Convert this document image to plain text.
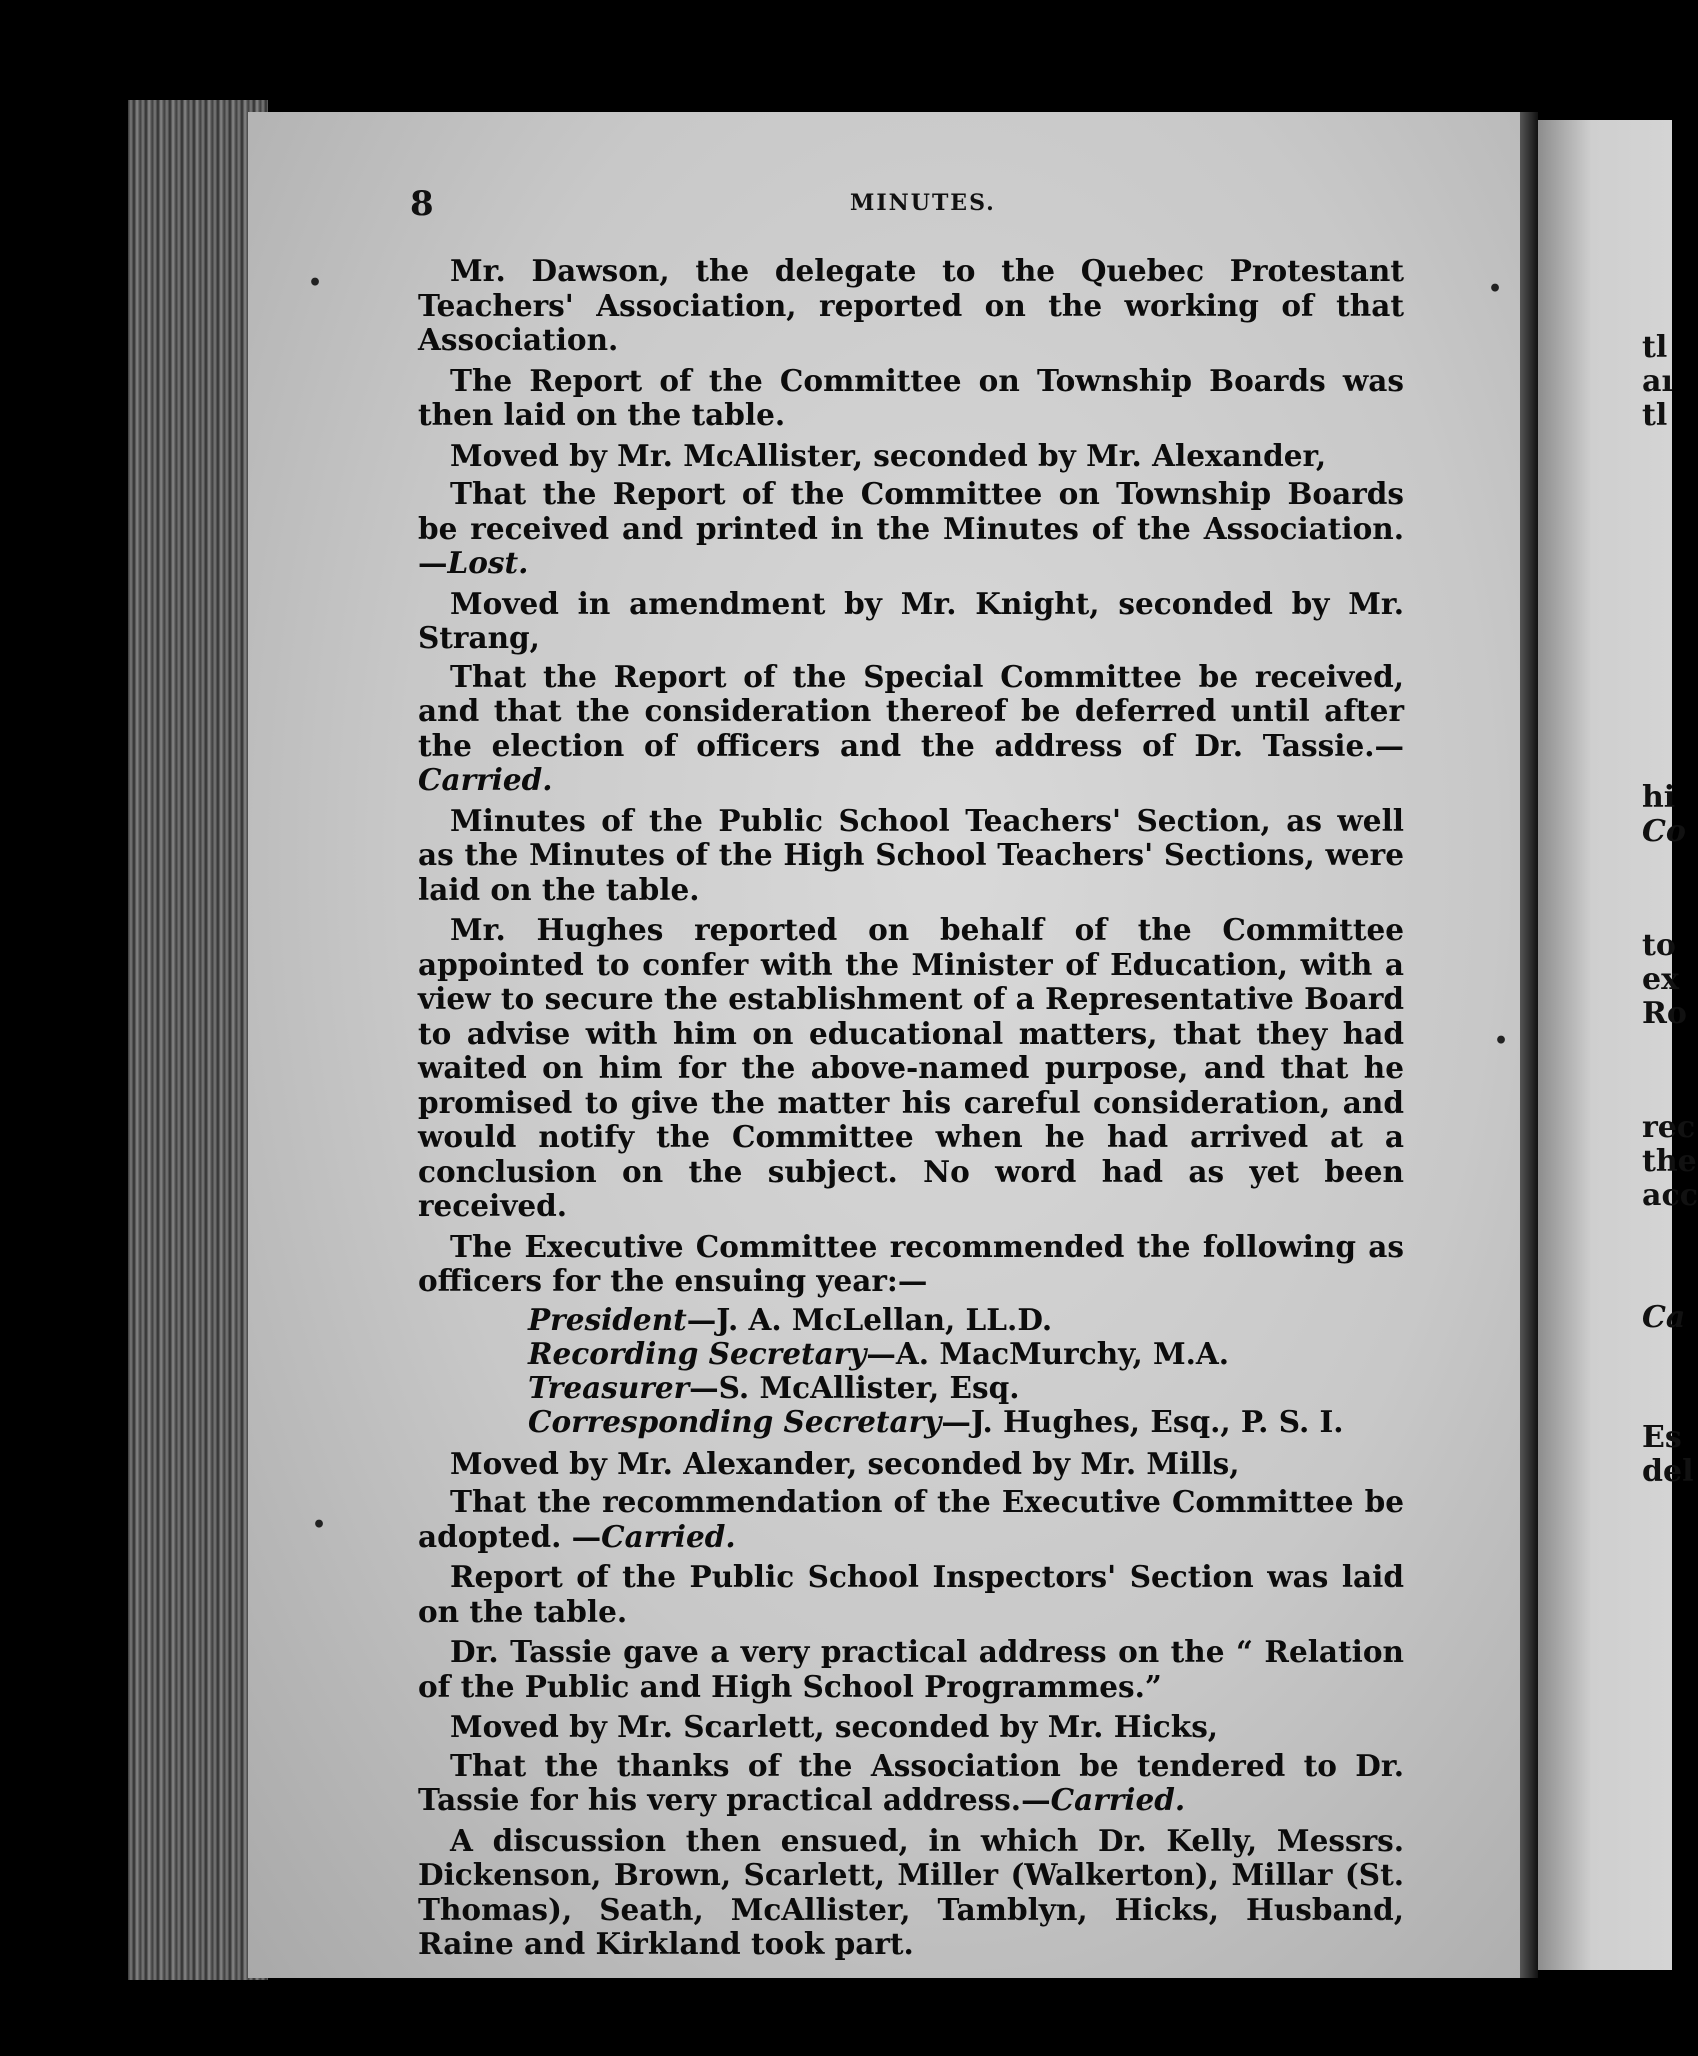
tl
aı
tl
hi
Co
to
ex
Ro
rec
the
acc
Ca
Es
del
8	MINUTES.
•	•
•
•

Mr. Dawson, the delegate to the Quebec Protestant Teachers' Association, reported on the working of that Association.

The Report of the Committee on Township Boards was then laid on the table.

Moved by Mr. McAllister, seconded by Mr. Alexander,

That the Report of the Committee on Township Boards be received and printed in the Minutes of the Association.—Lost.

Moved in amendment by Mr. Knight, seconded by Mr. Strang,

That the Report of the Special Committee be received, and that the consideration thereof be deferred until after the election of officers and the address of Dr. Tassie.—Carried.

Minutes of the Public School Teachers' Section, as well as the Minutes of the High School Teachers' Sections, were laid on the table.

Mr. Hughes reported on behalf of the Committee appointed to confer with the Minister of Education, with a view to secure the establishment of a Representative Board to advise with him on educational matters, that they had waited on him for the above-named purpose, and that he promised to give the matter his careful consideration, and would notify the Committee when he had arrived at a conclusion on the subject. No word had as yet been received.

The Executive Committee recommended the following as officers for the ensuing year:—

President—J. A. McLellan, LL.D.
Recording Secretary—A. MacMurchy, M.A.
Treasurer—S. McAllister, Esq.
Corresponding Secretary—J. Hughes, Esq., P. S. I.

Moved by Mr. Alexander, seconded by Mr. Mills,

That the recommendation of the Executive Committee be adopted. —Carried.

Report of the Public School Inspectors' Section was laid on the table.

Dr. Tassie gave a very practical address on the “ Relation of the Public and High School Programmes.”

Moved by Mr. Scarlett, seconded by Mr. Hicks,

That the thanks of the Association be tendered to Dr. Tassie for his very practical address.—Carried.

A discussion then ensued, in which Dr. Kelly, Messrs. Dickenson, Brown, Scarlett, Miller (Walkerton), Millar (St. Thomas), Seath, McAllister, Tamblyn, Hicks, Husband, Raine and Kirkland took part.
